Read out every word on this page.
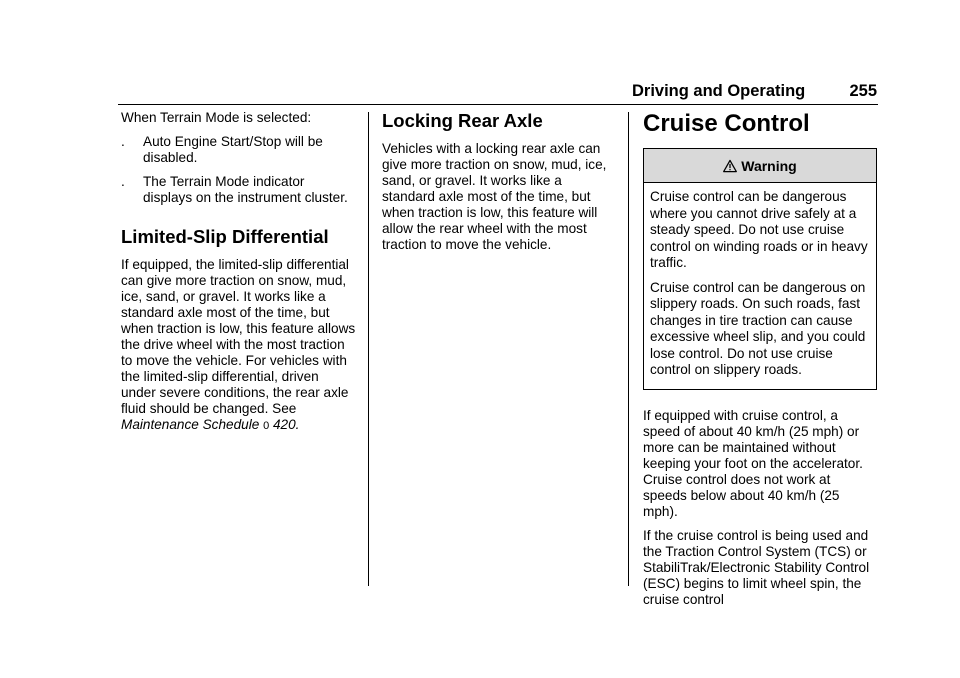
Driving and Operating	255

When Terrain Mode is selected:

. Auto Engine Start/Stop will be disabled.
. The Terrain Mode indicator displays on the instrument cluster.
Limited-Slip Differential

If equipped, the limited-slip differential can give more traction on snow, mud, ice, sand, or gravel. It works like a standard axle most of the time, but when traction is low, this feature allows the drive wheel with the most traction to move the vehicle. For vehicles with the limited-slip differential, driven under severe conditions, the rear axle fluid should be changed. See Maintenance Schedule 0 420.

Locking Rear Axle

Vehicles with a locking rear axle can give more traction on snow, mud, ice, sand, or gravel. It works like a standard axle most of the time, but when traction is low, this feature will allow the rear wheel with the most traction to move the vehicle.

Cruise Control
Warning

Cruise control can be dangerous where you cannot drive safely at a steady speed. Do not use cruise control on winding roads or in heavy traffic.

Cruise control can be dangerous on slippery roads. On such roads, fast changes in tire traction can cause excessive wheel slip, and you could lose control. Do not use cruise control on slippery roads.

If equipped with cruise control, a speed of about 40 km/h (25 mph) or more can be maintained without keeping your foot on the accelerator. Cruise control does not work at speeds below about 40 km/h (25 mph).

If the cruise control is being used and the Traction Control System (TCS) or StabiliTrak/Electronic Stability Control (ESC) begins to limit wheel spin, the cruise control
